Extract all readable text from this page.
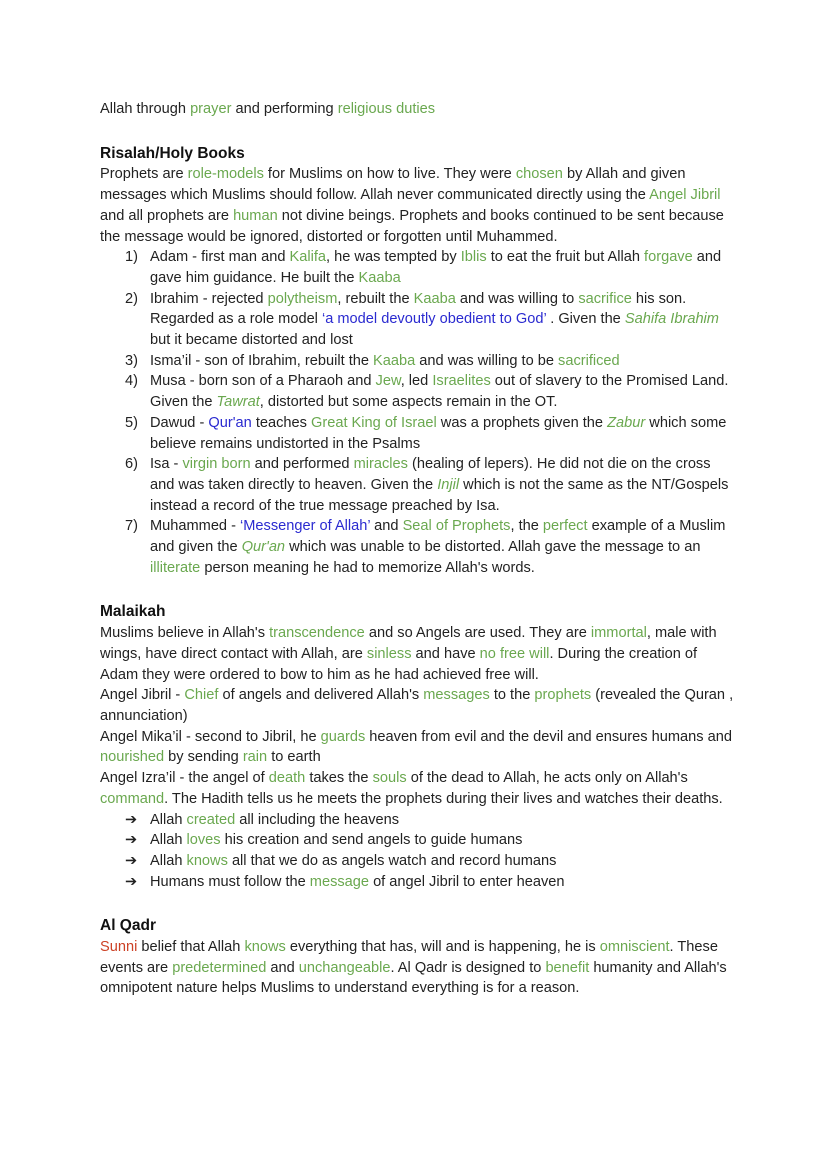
Allah through prayer and performing religious duties

Risalah/Holy Books

Prophets are role-models for Muslims on how to live. They were chosen by Allah and given messages which Muslims should follow. Allah never communicated directly using the Angel Jibril and all prophets are human not divine beings. Prophets and books continued to be sent because the message would be ignored, distorted or forgotten until Muhammed.

1) Adam - first man and Kalifa, he was tempted by Iblis to eat the fruit but Allah forgave and gave him guidance. He built the Kaaba
2) Ibrahim - rejected polytheism, rebuilt the Kaaba and was willing to sacrifice his son. Regarded as a role model ‘a model devoutly obedient to God’ . Given the Sahifa Ibrahim but it became distorted and lost
3) Isma’il - son of Ibrahim, rebuilt the Kaaba and was willing to be sacrificed
4) Musa - born son of a Pharaoh and Jew, led Israelites out of slavery to the Promised Land. Given the Tawrat, distorted but some aspects remain in the OT.
5) Dawud - Qur'an teaches Great King of Israel was a prophets given the Zabur which some believe remains undistorted in the Psalms
6) Isa - virgin born and performed miracles (healing of lepers). He did not die on the cross and was taken directly to heaven. Given the Injil which is not the same as the NT/Gospels instead a record of the true message preached by Isa.
7) Muhammed - ‘Messenger of Allah’ and Seal of Prophets, the perfect example of a Muslim and given the Qur'an which was unable to be distorted. Allah gave the message to an illiterate person meaning he had to memorize Allah's words.
Malaikah

Muslims believe in Allah's transcendence and so Angels are used. They are immortal, male with wings, have direct contact with Allah, are sinless and have no free will. During the creation of Adam they were ordered to bow to him as he had achieved free will.

Angel Jibril - Chief of angels and delivered Allah's messages to the prophets (revealed the Quran , annunciation)

Angel Mika’il - second to Jibril, he guards heaven from evil and the devil and ensures humans and nourished by sending rain to earth

Angel Izra’il - the angel of death takes the souls of the dead to Allah, he acts only on Allah's command. The Hadith tells us he meets the prophets during their lives and watches their deaths.

➔ Allah created all including the heavens
➔ Allah loves his creation and send angels to guide humans
➔ Allah knows all that we do as angels watch and record humans
➔ Humans must follow the message of angel Jibril to enter heaven
Al Qadr

Sunni belief that Allah knows everything that has, will and is happening, he is omniscient. These events are predetermined and unchangeable. Al Qadr is designed to benefit humanity and Allah's omnipotent nature helps Muslims to understand everything is for a reason.
